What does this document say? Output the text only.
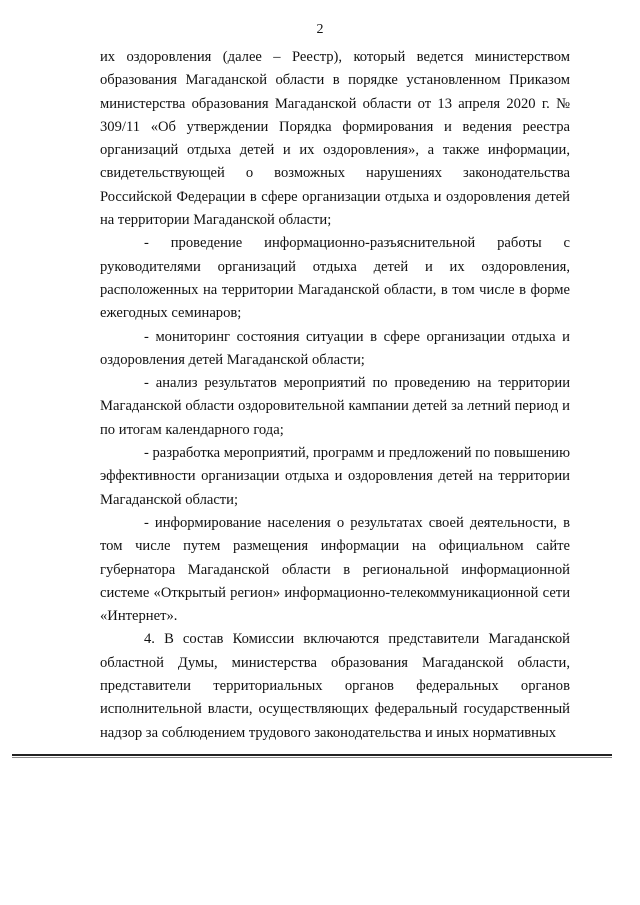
2

их оздоровления (далее – Реестр), который ведется министерством образования Магаданской области в порядке установленном Приказом министерства образования Магаданской области от 13 апреля 2020 г. № 309/11 «Об утверждении Порядка формирования и ведения реестра организаций отдыха детей и их оздоровления», а также информации, свидетельствующей о возможных нарушениях законодательства Российской Федерации в сфере организации отдыха и оздоровления детей на территории Магаданской области;

- проведение информационно-разъяснительной работы с руководителями организаций отдыха детей и их оздоровления, расположенных на территории Магаданской области, в том числе в форме ежегодных семинаров;

- мониторинг состояния ситуации в сфере организации отдыха и оздоровления детей Магаданской области;

- анализ результатов мероприятий по проведению на территории Магаданской области оздоровительной кампании детей за летний период и по итогам календарного года;

- разработка мероприятий, программ и предложений по повышению эффективности организации отдыха и оздоровления детей на территории Магаданской области;

- информирование населения о результатах своей деятельности, в том числе путем размещения информации на официальном сайте губернатора Магаданской области в региональной информационной системе «Открытый регион» информационно-телекоммуникационной сети «Интернет».

4. В состав Комиссии включаются представители Магаданской областной Думы, министерства образования Магаданской области, представители территориальных органов федеральных органов исполнительной власти, осуществляющих федеральный государственный надзор за соблюдением трудового законодательства и иных нормативных
